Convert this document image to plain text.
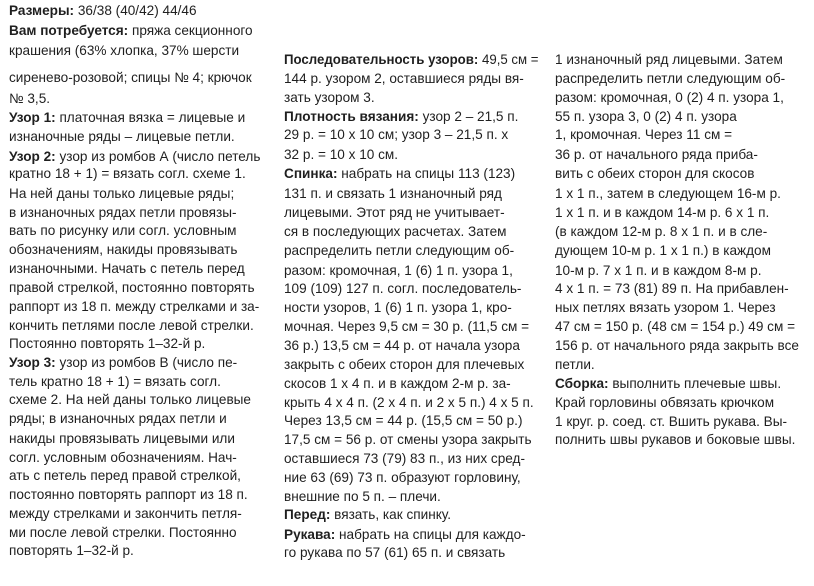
Размеры: 36/38 (40/42) 44/46
Вам потребуется: пряжа секционного
крашения (63% хлопка, 37% шерсти
сиренево-розовой; спицы № 4; крючок
№ 3,5.
Узор 1: платочная вязка = лицевые и
изнаночные ряды – лицевые петли.
Узор 2: узор из ромбов А (число петель
кратно 18 + 1) = вязать согл. схеме 1.
На ней даны только лицевые ряды;
в изнаночных рядах петли провязы-
вать по рисунку или согл. условным
обозначениям, накиды провязывать
изнаночными. Начать с петель перед
правой стрелкой, постоянно повторять
раппорт из 18 п. между стрелками и за-
кончить петлями после левой стрелки.
Постоянно повторять 1–32-й р.
Узор 3: узор из ромбов В (число пе-
тель кратно 18 + 1) = вязать согл.
схеме 2. На ней даны только лицевые
ряды; в изнаночных рядах петли и
накиды провязывать лицевыми или
согл. условным обозначениям. Нач-
ать с петель перед правой стрелкой,
постоянно повторять раппорт из 18 п.
между стрелками и закончить петля-
ми после левой стрелки. Постоянно
повторять 1–32-й р.
Последовательность узоров: 49,5 см =
144 р. узором 2, оставшиеся ряды вя-
зать узором 3.
Плотность вязания: узор 2 – 21,5 п.
29 р. = 10 х 10 см; узор 3 – 21,5 п. х
32 р. = 10 х 10 см.
Спинка: набрать на спицы 113 (123)
131 п. и связать 1 изнаночный ряд
лицевыми. Этот ряд не учитывает-
ся в последующих расчетах. Затем
распределить петли следующим об-
разом: кромочная, 1 (6) 1 п. узора 1,
109 (109) 127 п. согл. последователь-
ности узоров, 1 (6) 1 п. узора 1, кро-
мочная. Через 9,5 см = 30 р. (11,5 см =
36 р.) 13,5 см = 44 р. от начала узора
закрыть с обеих сторон для плечевых
скосов 1 х 4 п. и в каждом 2-м р. за-
крыть 4 х 4 п. (2 х 4 п. и 2 х 5 п.) 4 х 5 п.
Через 13,5 см = 44 р. (15,5 см = 50 р.)
17,5 см = 56 р. от смены узора закрыть
оставшиеся 73 (79) 83 п., из них сред-
ние 63 (69) 73 п. образуют горловину,
внешние по 5 п. – плечи.
Перед: вязать, как спинку.
Рукава: набрать на спицы для каждо-
го рукава по 57 (61) 65 п. и связать
1 изнаночный ряд лицевыми. Затем
распределить петли следующим об-
разом: кромочная, 0 (2) 4 п. узора 1,
55 п. узора 3, 0 (2) 4 п. узора
1, кромочная. Через 11 см =
36 р. от начального ряда приба-
вить с обеих сторон для скосов
1 х 1 п., затем в следующем 16-м р.
1 х 1 п. и в каждом 14-м р. 6 х 1 п.
(в каждом 12-м р. 8 х 1 п. и в сле-
дующем 10-м р. 1 х 1 п.) в каждом
10-м р. 7 х 1 п. и в каждом 8-м р.
4 х 1 п. = 73 (81) 89 п. На прибавлен-
ных петлях вязать узором 1. Через
47 см = 150 р. (48 см = 154 р.) 49 см =
156 р. от начального ряда закрыть все
петли.
Сборка: выполнить плечевые швы.
Край горловины обвязать крючком
1 круг. р. соед. ст. Вшить рукава. Вы-
полнить швы рукавов и боковые швы.
